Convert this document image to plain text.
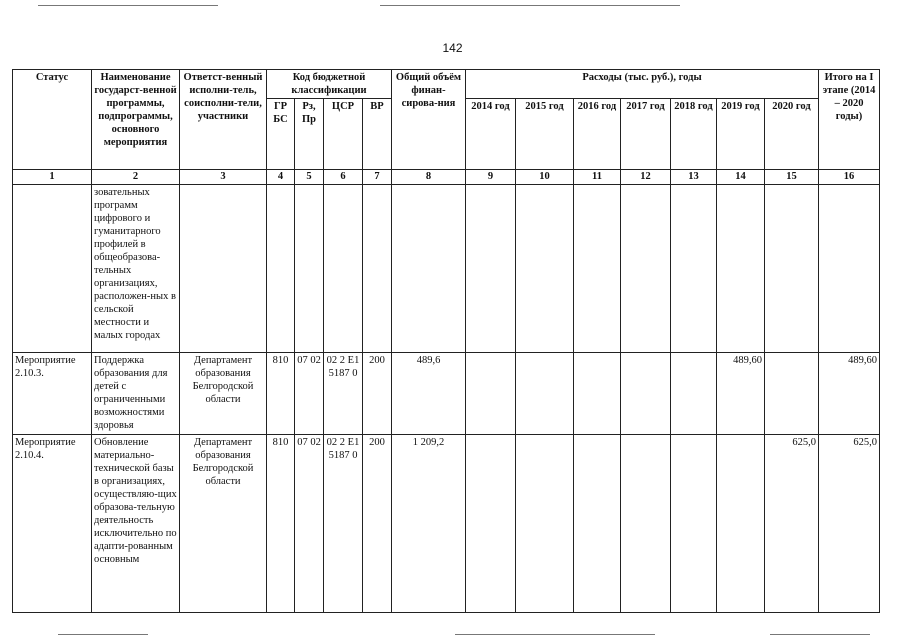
142
Статус	Наименование государст-венной программы, подпрограммы, основного мероприятия	Ответст-венный исполни-тель, соисполни-тели, участники	Код бюджетной классификации				Общий объём финан-сирова-ния	Расходы (тыс. руб.), годы							Итого на I этапе (2014 – 2020 годы)
			ГР БС	Рз, Пр	ЦСР	ВР		2014 год	2015 год	2016 год	2017 год	2018 год	2019 год	2020 год	
1	2	3	4	5	6	7	8	9	10	11	12	13	14	15	16
	зовательных программ цифрового и гуманитарного профилей в общеобразова-тельных организациях, расположен-ных в сельской местности и малых городах														
Мероприятие 2.10.3.	Поддержка образования для детей с ограниченными возможностями здоровья	Департамент образования Белгородской области	810	07 02	02 2 E1 5187 0	200	489,6						489,60		489,60
Мероприятие 2.10.4.	Обновление материально-технической базы в организациях, осуществляю-щих образова-тельную деятельность исключительно по адапти-рованным основным	Департамент образования Белгородской области	810	07 02	02 2 E1 5187 0	200	1 209,2							625,0	625,0
